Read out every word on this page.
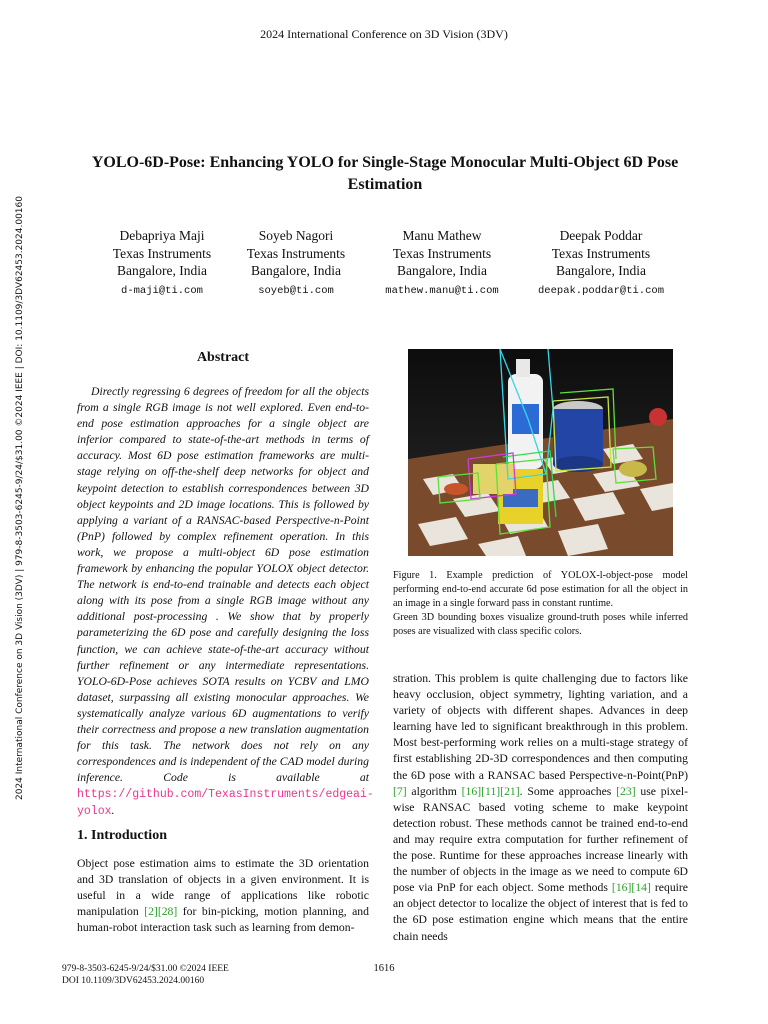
2024 International Conference on 3D Vision (3DV)
2024 International Conference on 3D Vision (3DV) | 979-8-3503-6245-9/24/$31.00 ©2024 IEEE | DOI: 10.1109/3DV62453.2024.00160
YOLO-6D-Pose: Enhancing YOLO for Single-Stage Monocular Multi-Object 6D Pose Estimation
Debapriya Maji
Texas Instruments
Bangalore, India
d-maji@ti.com
Soyeb Nagori
Texas Instruments
Bangalore, India
soyeb@ti.com
Manu Mathew
Texas Instruments
Bangalore, India
mathew.manu@ti.com
Deepak Poddar
Texas Instruments
Bangalore, India
deepak.poddar@ti.com
Abstract

Directly regressing 6 degrees of freedom for all the objects from a single RGB image is not well explored. Even end-to-end pose estimation approaches for a single object are inferior compared to state-of-the-art methods in terms of accuracy. Most 6D pose estimation frameworks are multi-stage relying on off-the-shelf deep networks for object and keypoint detection to establish correspondences between 3D object keypoints and 2D image locations. This is followed by applying a variant of a RANSAC-based Perspective-n-Point (PnP) followed by complex refinement operation. In this work, we propose a multi-object 6D pose estimation framework by enhancing the popular YOLOX object detector. The network is end-to-end trainable and detects each object along with its pose from a single RGB image without any additional post-processing . We show that by properly parameterizing the 6D pose and carefully designing the loss function, we can achieve state-of-the-art accuracy without further refinement or any intermediate representations. YOLO-6D-Pose achieves SOTA results on YCBV and LMO dataset, surpassing all existing monocular approaches. We systematically analyze various 6D augmentations to verify their correctness and propose a new translation augmentation for this task. The network does not rely on any correspondences and is independent of the CAD model during inference. Code is available at https://github.com/TexasInstruments/edgeai-yolox.

1. Introduction

Object pose estimation aims to estimate the 3D orientation and 3D translation of objects in a given environment. It is useful in a wide range of applications like robotic manipulation [2][28] for bin-picking, motion planning, and human-robot interaction task such as learning from demon-

Figure 1. Example prediction of YOLOX-l-object-pose model performing end-to-end accurate 6d pose estimation for all the object in an image in a single forward pass in constant runtime.

Green 3D bounding boxes visualize ground-truth poses while inferred poses are visualized with class specific colors.

stration. This problem is quite challenging due to factors like heavy occlusion, object symmetry, lighting variation, and a variety of objects with different shapes. Advances in deep learning have led to significant breakthrough in this problem. Most best-performing work relies on a multi-stage strategy of first establishing 2D-3D correspondences and then computing the 6D pose with a RANSAC based Perspective-n-Point(PnP) [7] algorithm [16][11][21]. Some approaches [23] use pixel-wise RANSAC based voting scheme to make keypoint detection robust. These methods cannot be trained end-to-end and may require extra computation for further refinement of the pose. Runtime for these approaches increase linearly with the number of objects in the image as we need to compute 6D pose via PnP for each object. Some methods [16][14] require an object detector to localize the object of interest that is fed to the 6D pose estimation engine which means that the entire chain needs

979-8-3503-6245-9/24/$31.00 ©2024 IEEE
DOI 10.1109/3DV62453.2024.00160
1616
